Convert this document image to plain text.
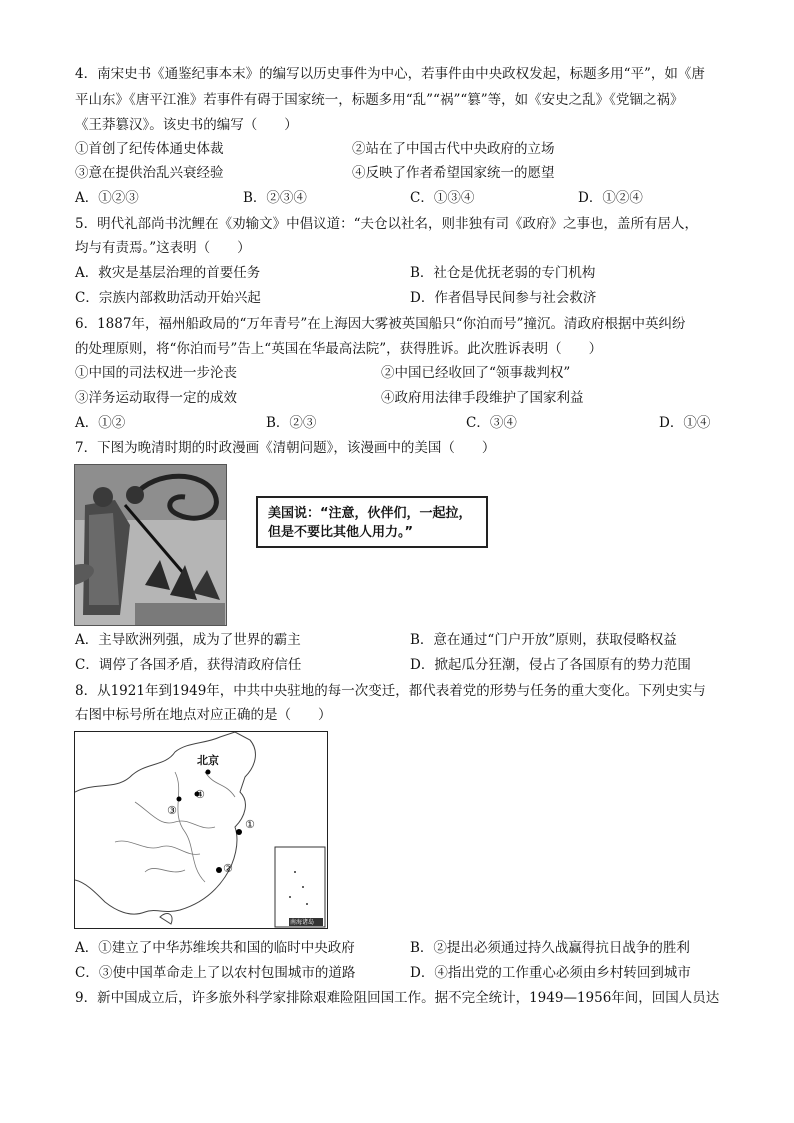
4．南宋史书《通鉴纪事本末》的编写以历史事件为中心，若事件由中央政权发起，标题多用“平”，如《唐
平山东》《唐平江淮》若事件有碍于国家统一，标题多用“乱”“祸”“篡”等，如《安史之乱》《党锢之祸》
《王莽篡汉》。该史书的编写（　　）
①首创了纪传体通史体裁	②站在了中国古代中央政府的立场
③意在提供治乱兴衰经验	④反映了作者希望国家统一的愿望
A．①②③	B．②③④	C．①③④	D．①②④
5．明代礼部尚书沈鲤在《劝输文》中倡议道：“夫仓以社名，则非独有司《政府》之事也，盖所有居人，
均与有责焉。”这表明（　　）
A．救灾是基层治理的首要任务	B．社仓是优抚老弱的专门机构
C．宗族内部救助活动开始兴起	D．作者倡导民间参与社会救济
6．1887年，福州船政局的“万年青号”在上海因大雾被英国船只“你泊而号”撞沉。清政府根据中英纠纷
的处理原则，将“你泊而号”告上“英国在华最高法院”，获得胜诉。此次胜诉表明（　　）
①中国的司法权进一步沦丧	②中国已经收回了“领事裁判权”
③洋务运动取得一定的成效	④政府用法律手段维护了国家利益
A．①②	B．②③	C．③④	D．①④
7．下图为晚清时期的时政漫画《清朝问题》，该漫画中的美国（　　）
美国说：“注意，伙伴们，一起拉，
但是不要比其他人用力。”
A．主导欧洲列强，成为了世界的霸主	B．意在通过“门户开放”原则，获取侵略权益
C．调停了各国矛盾，获得清政府信任	D．掀起瓜分狂潮，侵占了各国原有的势力范围
8．从1921年到1949年，中共中央驻地的每一次变迁，都代表着党的形势与任务的重大变化。下列史实与
右图中标号所在地点对应正确的是（　　）
北京
①
②
③
④
南海诸岛
A．①建立了中华苏维埃共和国的临时中央政府	B．②提出必须通过持久战赢得抗日战争的胜利
C．③使中国革命走上了以农村包围城市的道路	D．④指出党的工作重心必须由乡村转回到城市
9．新中国成立后，许多旅外科学家排除艰难险阻回国工作。据不完全统计，1949—1956年间，回国人员达
